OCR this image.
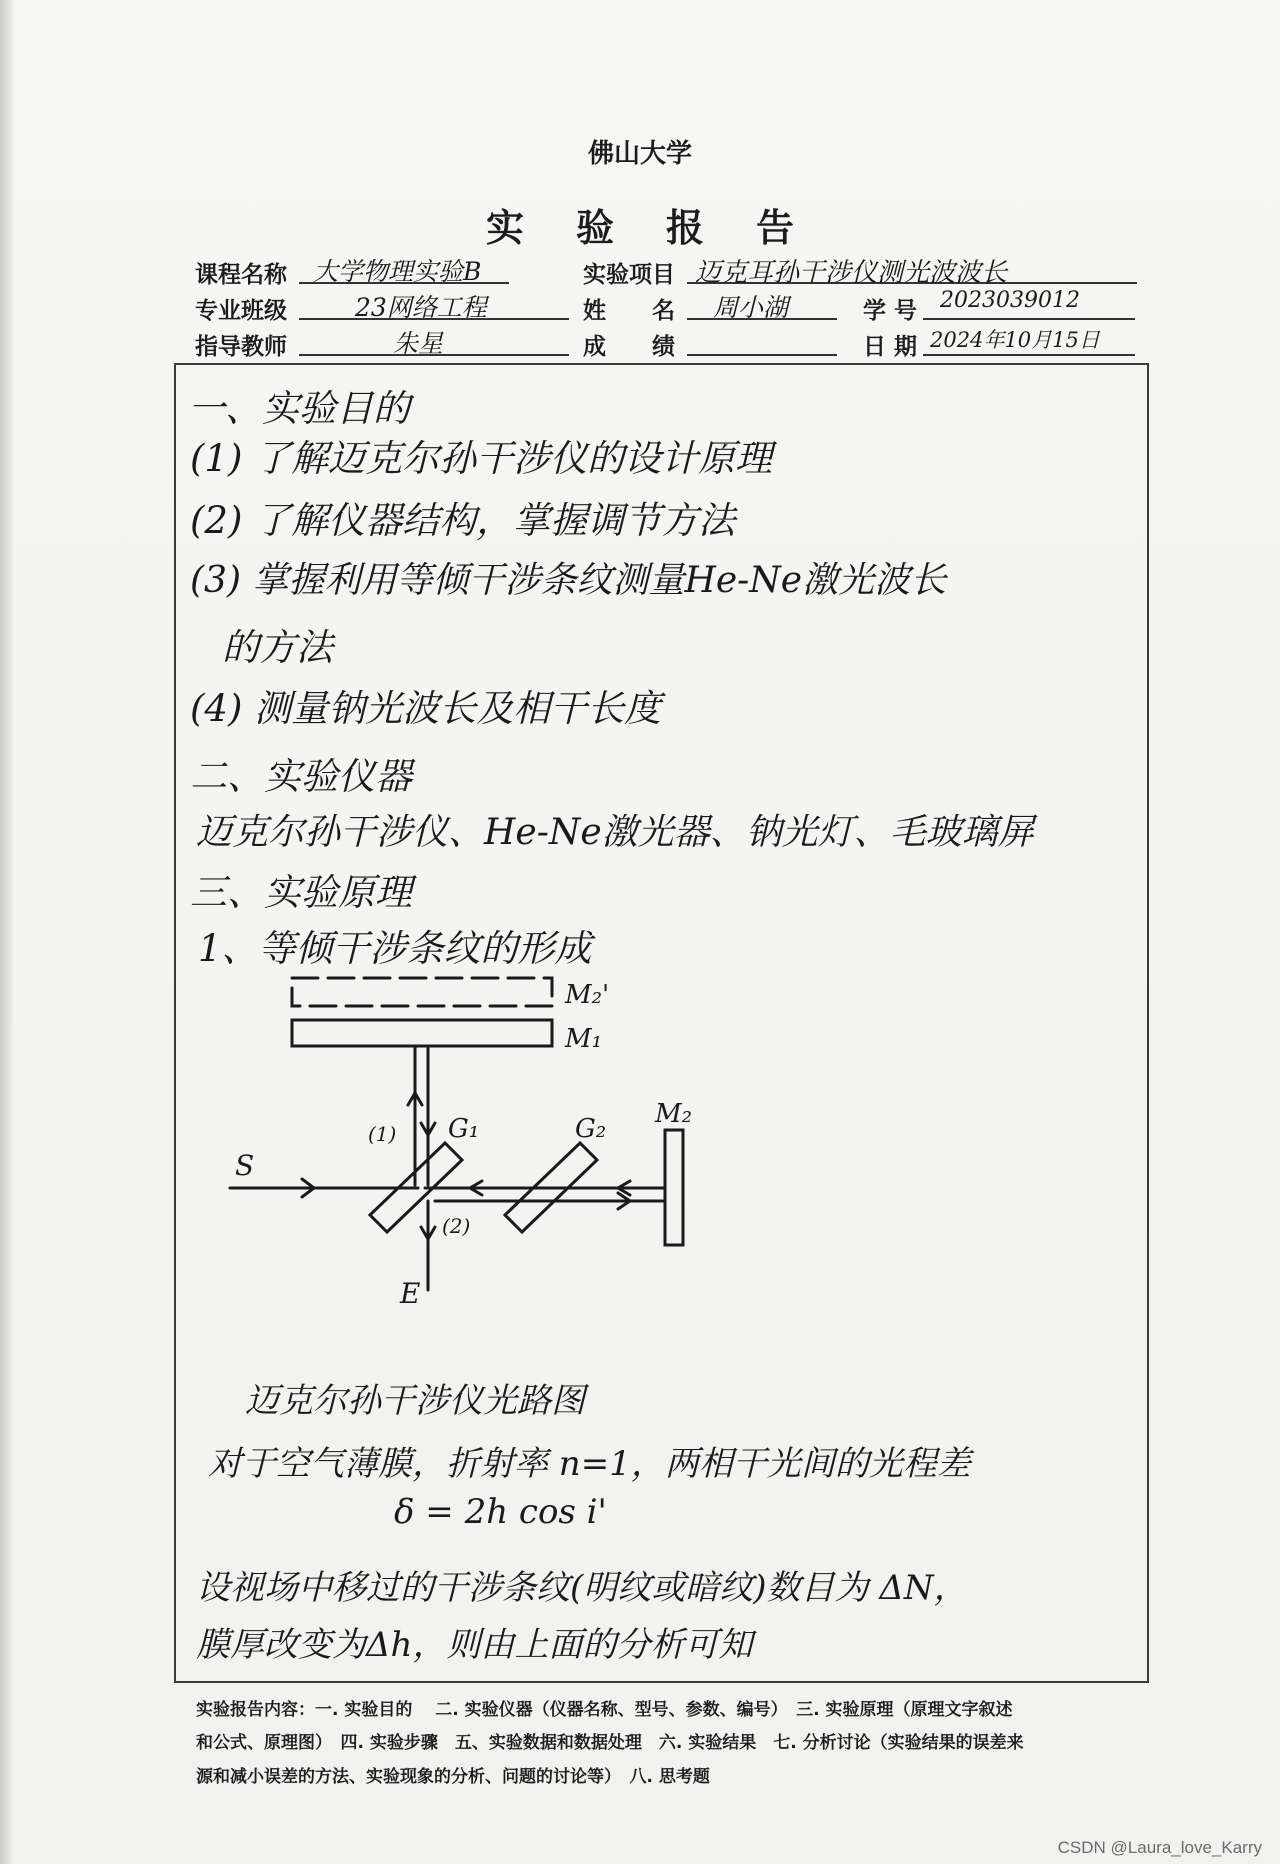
佛山大学
实验报告
课程名称 大学物理实验B	实验项目 迈克耳孙干涉仪测光波波长
专业班级	23网络工程	姓　　名 周小湖	学 号 2023039012
指导教师	朱星	成　　绩	日 期 2024年10月15日
一、实验目的
(1) 了解迈克尔孙干涉仪的设计原理
(2) 了解仪器结构，掌握调节方法
(3) 掌握利用等倾干涉条纹测量He-Ne激光波长
的方法
(4) 测量钠光波长及相干长度
二、实验仪器
迈克尔孙干涉仪、He-Ne激光器、钠光灯、毛玻璃屏
三、实验原理
1、等倾干涉条纹的形成
M₂'
M₁
M₂
G₁	G₂
S
E
(1)
(2)
迈克尔孙干涉仪光路图
对于空气薄膜，折射率 n=1，两相干光间的光程差
δ = 2h cos i'
设视场中移过的干涉条纹(明纹或暗纹)数目为 ΔN，
膜厚改变为Δh，则由上面的分析可知
实验报告内容：一. 实验目的　 二. 实验仪器（仪器名称、型号、参数、编号）　三. 实验原理（原理文字叙述
和公式、原理图）　四. 实验步骤　五、实验数据和数据处理　六. 实验结果　七. 分析讨论（实验结果的误差来
源和减小误差的方法、实验现象的分析、问题的讨论等）　八. 思考题
CSDN @Laura_love_Karry
